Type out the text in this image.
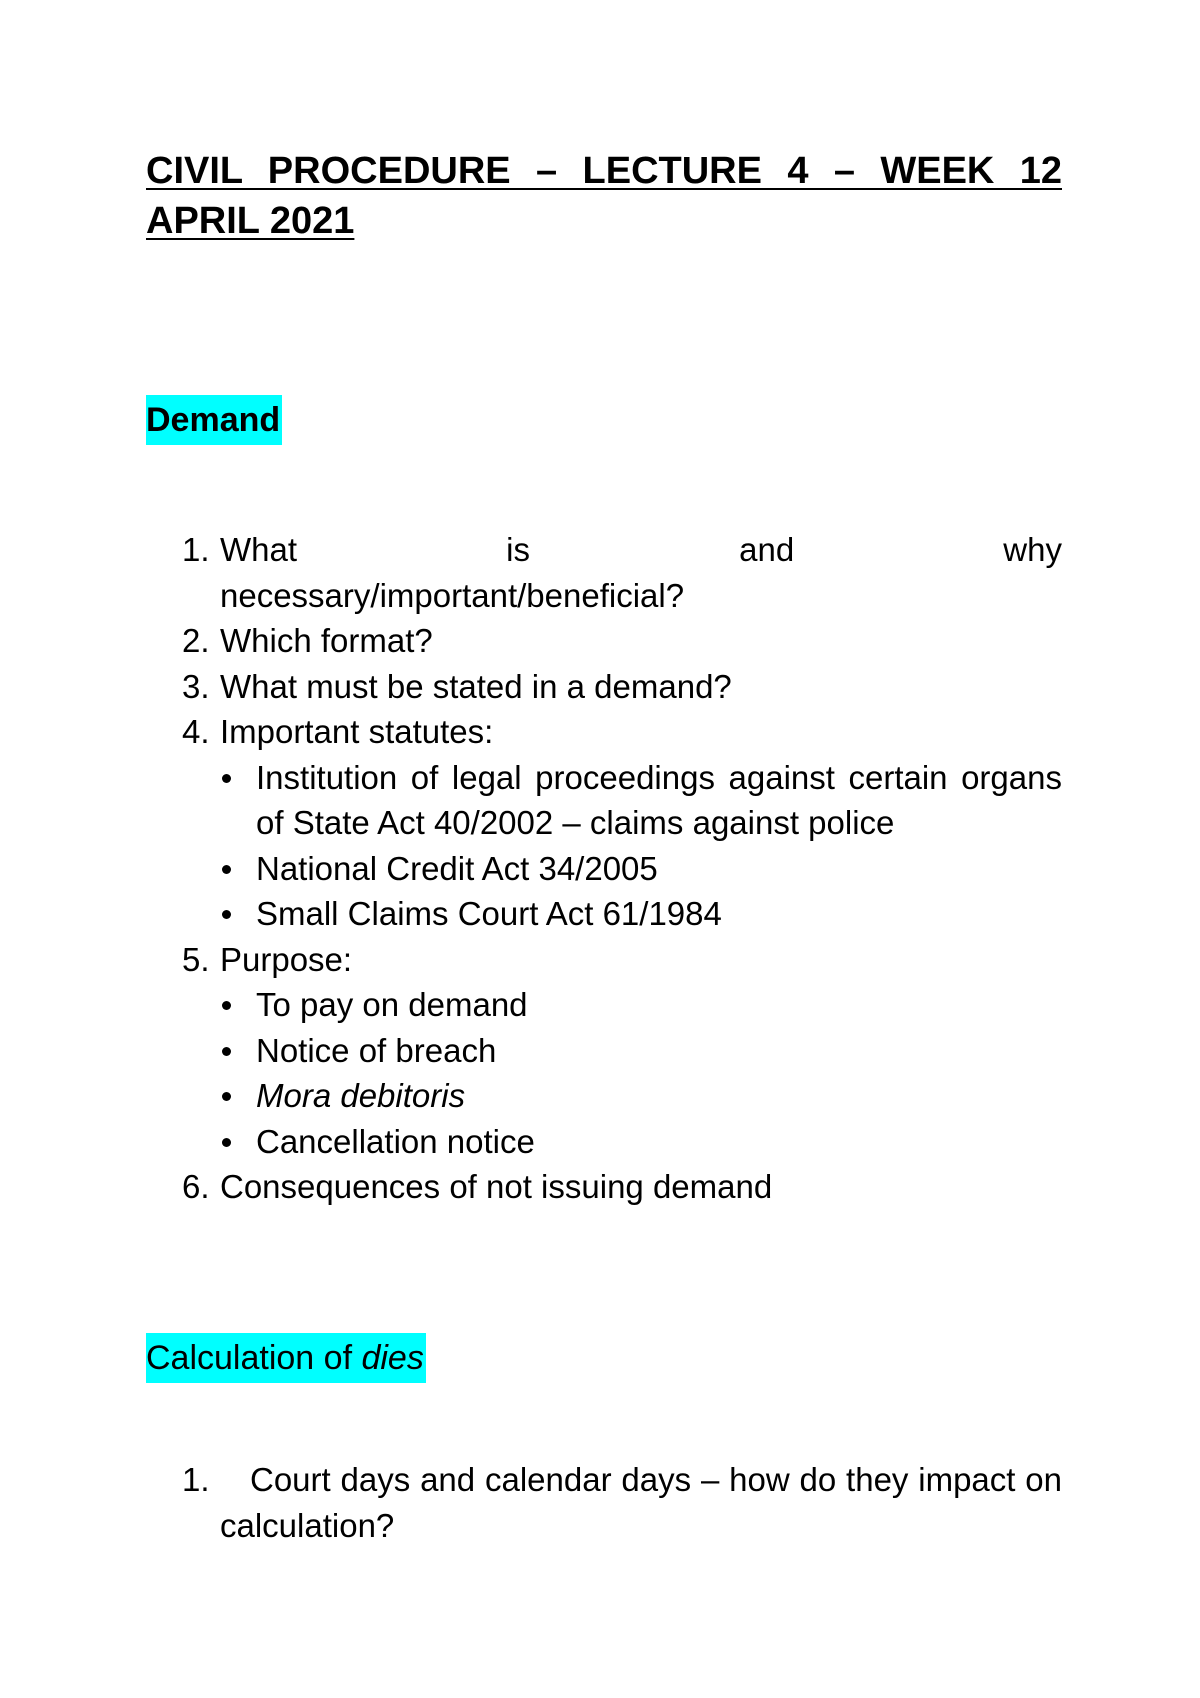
CIVIL PROCEDURE – LECTURE 4 – WEEK 12
APRIL 2021
Demand
1. What is and why
necessary/important/beneficial?
2. Which format?
3. What must be stated in a demand?
4. Important statutes:
Institution of legal proceedings against certain organs of State Act 40/2002 – claims against police
National Credit Act 34/2005
Small Claims Court Act 61/1984
5. Purpose:
To pay on demand
Notice of breach
Mora debitoris
Cancellation notice
6. Consequences of not issuing demand
Calculation of dies
1. Court days and calendar days – how do they impact on calculation?
